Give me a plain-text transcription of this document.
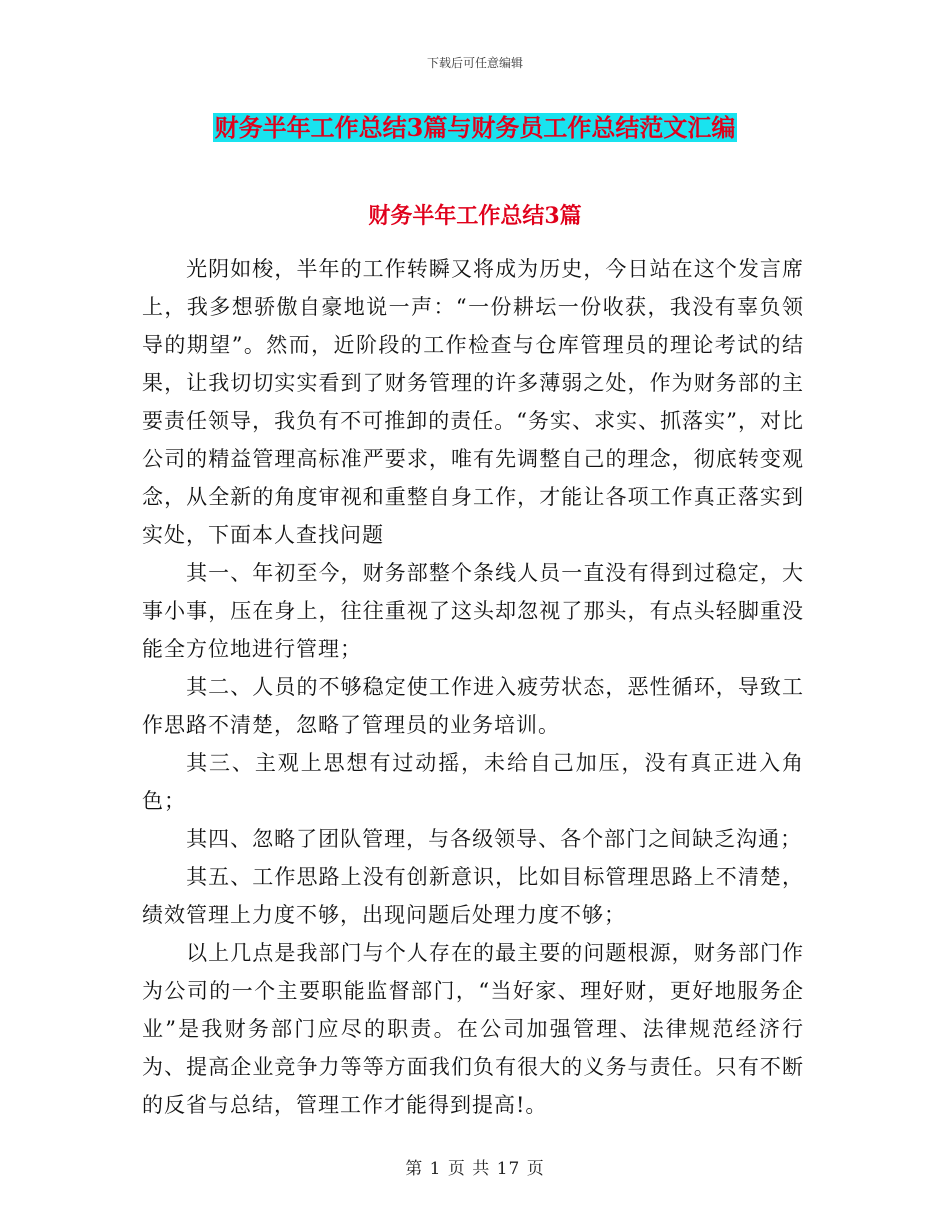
下载后可任意编辑
财务半年工作总结3篇与财务员工作总结范文汇编
财务半年工作总结3篇

光阴如梭，半年的工作转瞬又将成为历史，今日站在这个发言席上，我多想骄傲自豪地说一声：“一份耕坛一份收获，我没有辜负领导的期望”。然而，近阶段的工作检查与仓库管理员的理论考试的结果，让我切切实实看到了财务管理的许多薄弱之处，作为财务部的主要责任领导，我负有不可推卸的责任。“务实、求实、抓落实”，对比公司的精益管理高标准严要求，唯有先调整自己的理念，彻底转变观念，从全新的角度审视和重整自身工作，才能让各项工作真正落实到实处，下面本人查找问题

其一、年初至今，财务部整个条线人员一直没有得到过稳定，大事小事，压在身上，往往重视了这头却忽视了那头，有点头轻脚重没能全方位地进行管理；

其二、人员的不够稳定使工作进入疲劳状态，恶性循环，导致工作思路不清楚，忽略了管理员的业务培训。

其三、主观上思想有过动摇，未给自己加压，没有真正进入角色；

其四、忽略了团队管理，与各级领导、各个部门之间缺乏沟通；

其五、工作思路上没有创新意识，比如目标管理思路上不清楚，绩效管理上力度不够，出现问题后处理力度不够；

以上几点是我部门与个人存在的最主要的问题根源，财务部门作为公司的一个主要职能监督部门，“当好家、理好财，更好地服务企业”是我财务部门应尽的职责。在公司加强管理、法律规范经济行为、提高企业竞争力等等方面我们负有很大的义务与责任。只有不断的反省与总结，管理工作才能得到提高!。

第 1 页 共 17 页
